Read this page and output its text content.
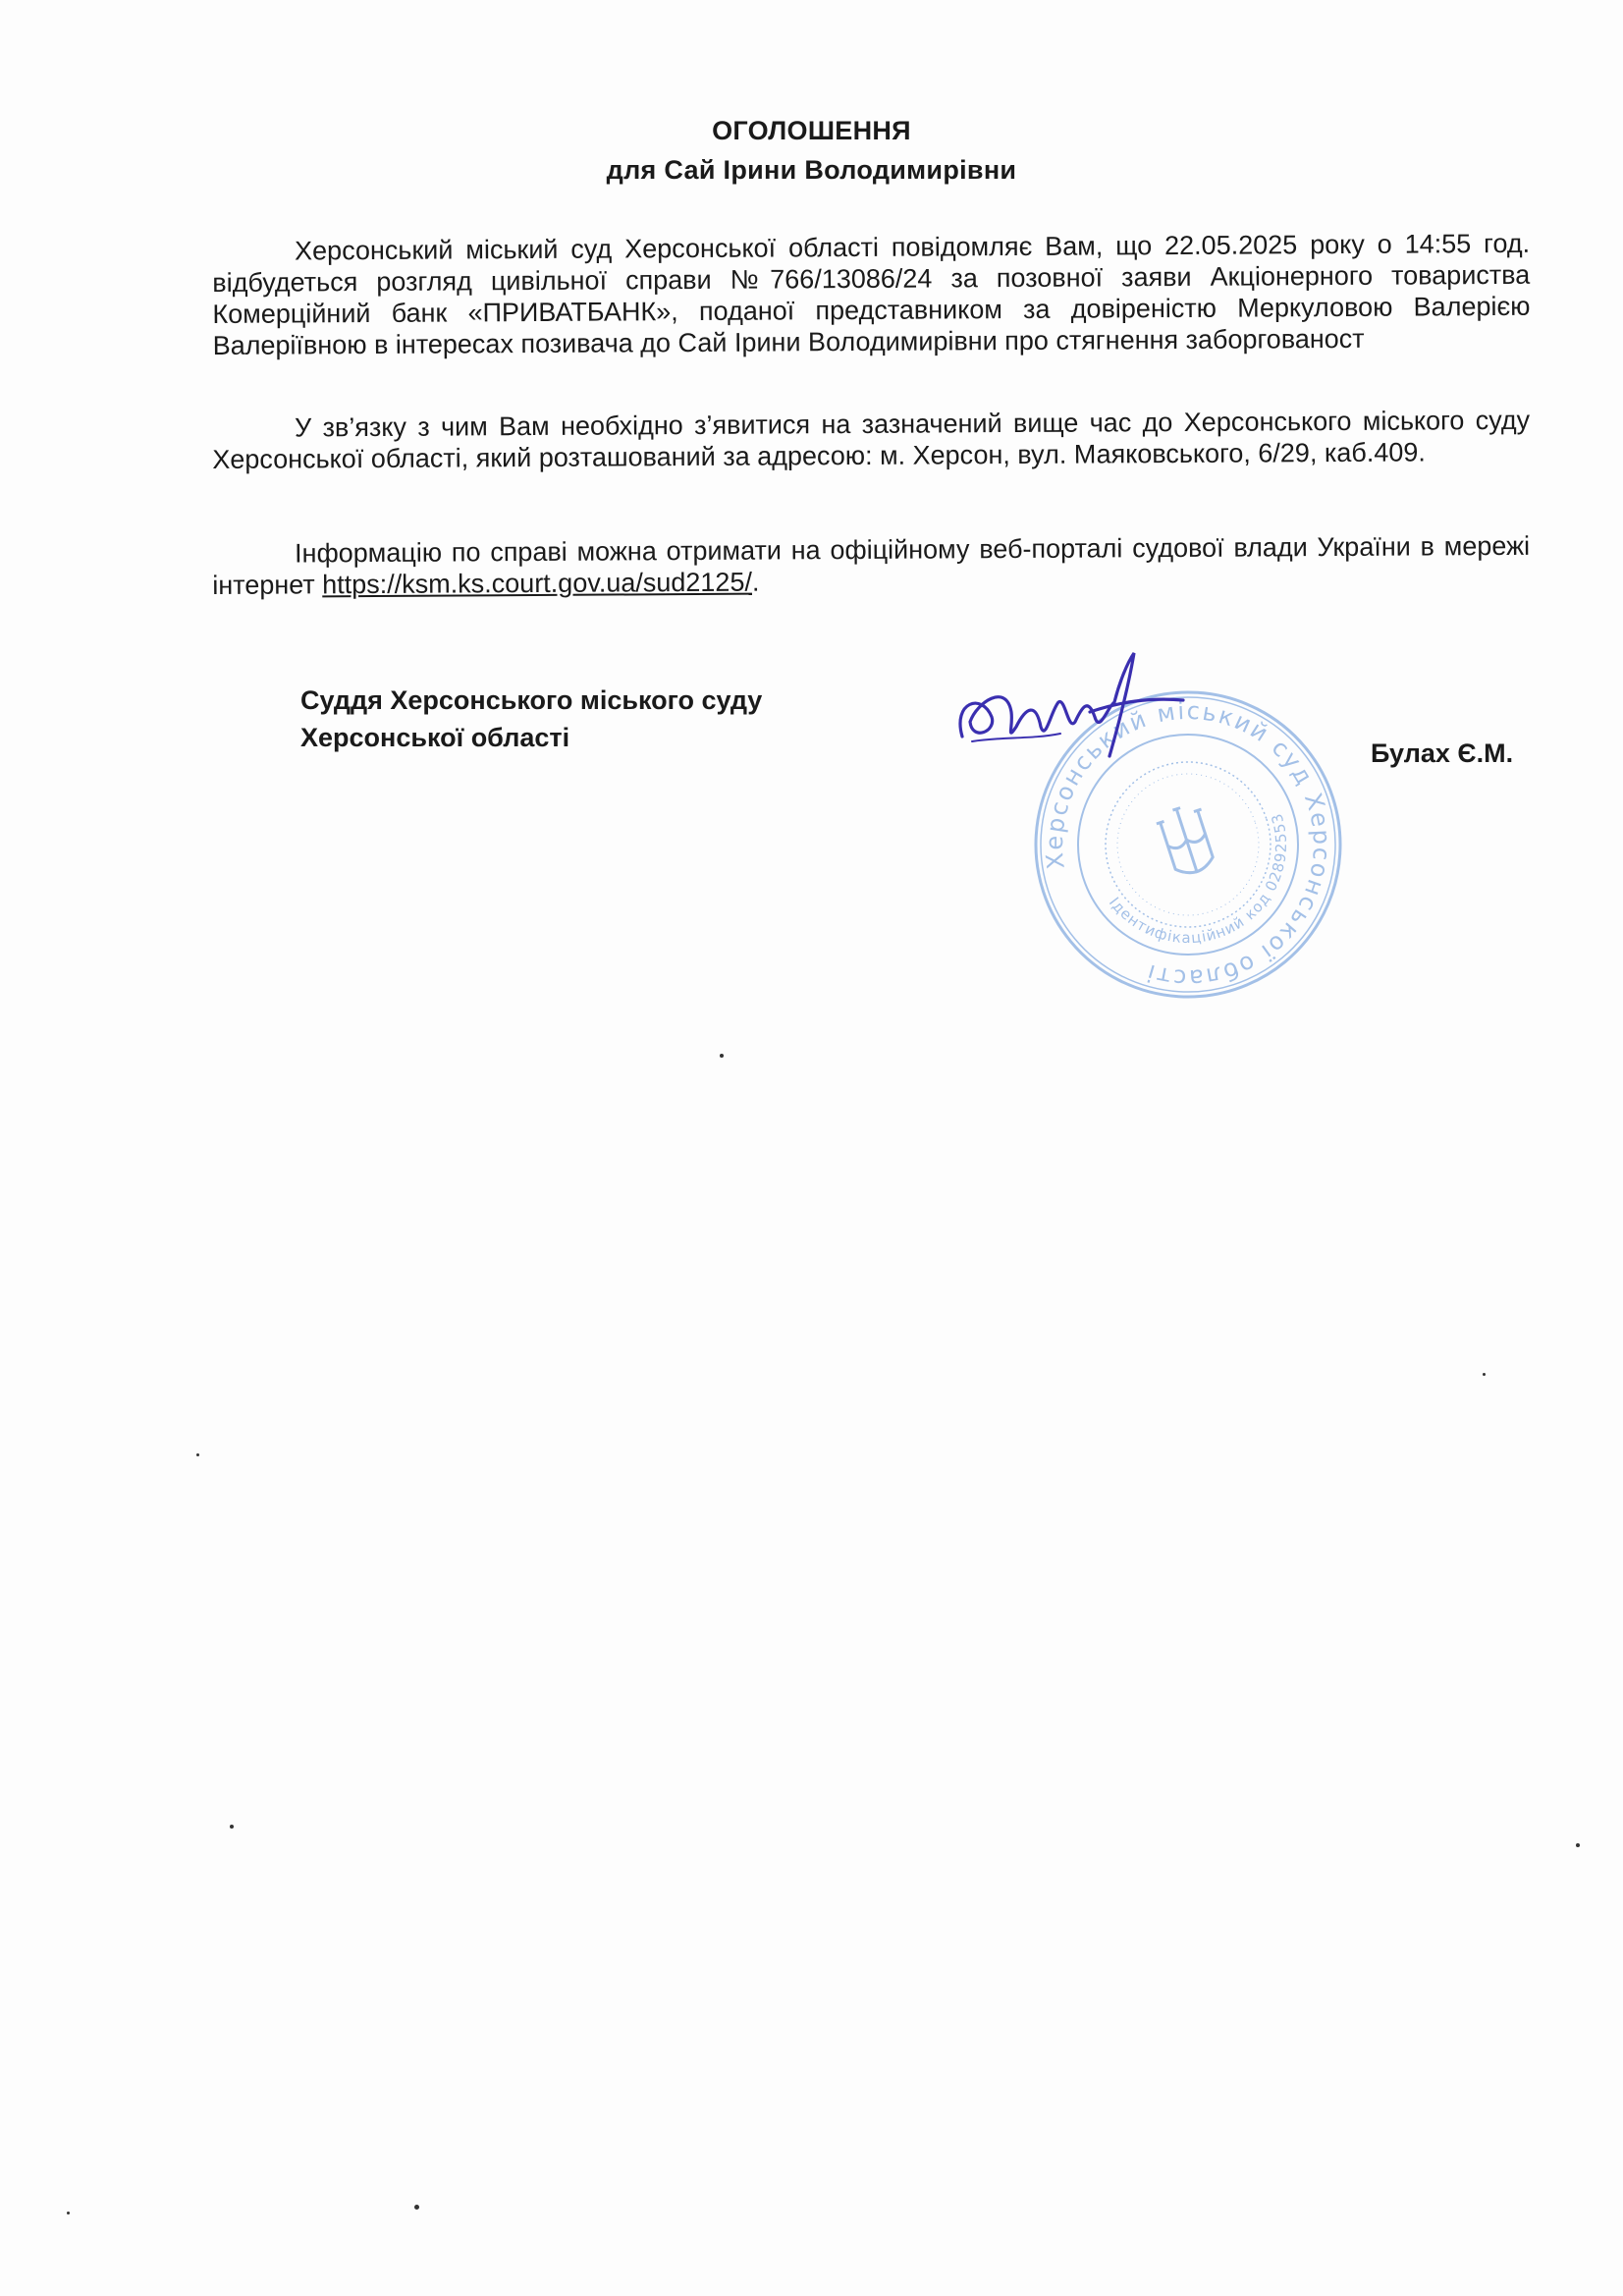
ОГОЛОШЕННЯ
для Сай Ірини Володимирівни
Херсонський міський суд Херсонської області повідомляє Вам, що 22.05.2025 року о 14:55 год. відбудеться розгляд цивільної справи №766/13086/24 за позовної заяви Акціонерного товариства Комерційний банк «ПРИВАТБАНК», поданої представником за довіреністю Меркуловою Валерією Валеріївною в інтересах позивача до Сай Ірини Володимирівни про стягнення заборгованост
У зв’язку з чим Вам необхідно з’явитися на зазначений вище час до Херсонського міського суду Херсонської області, який розташований за адресою: м. Херсон, вул. Маяковського, 6/29, каб.409.
Інформацію по справі можна отримати на офіційному веб-порталі судової влади України в мережі інтернет https://ksm.ks.court.gov.ua/sud2125/.
Суддя Херсонського міського суду
Херсонської області
Херсонський міський суд Херсонської області
Ідентифікаційний код 02892553
Булах Є.М.
